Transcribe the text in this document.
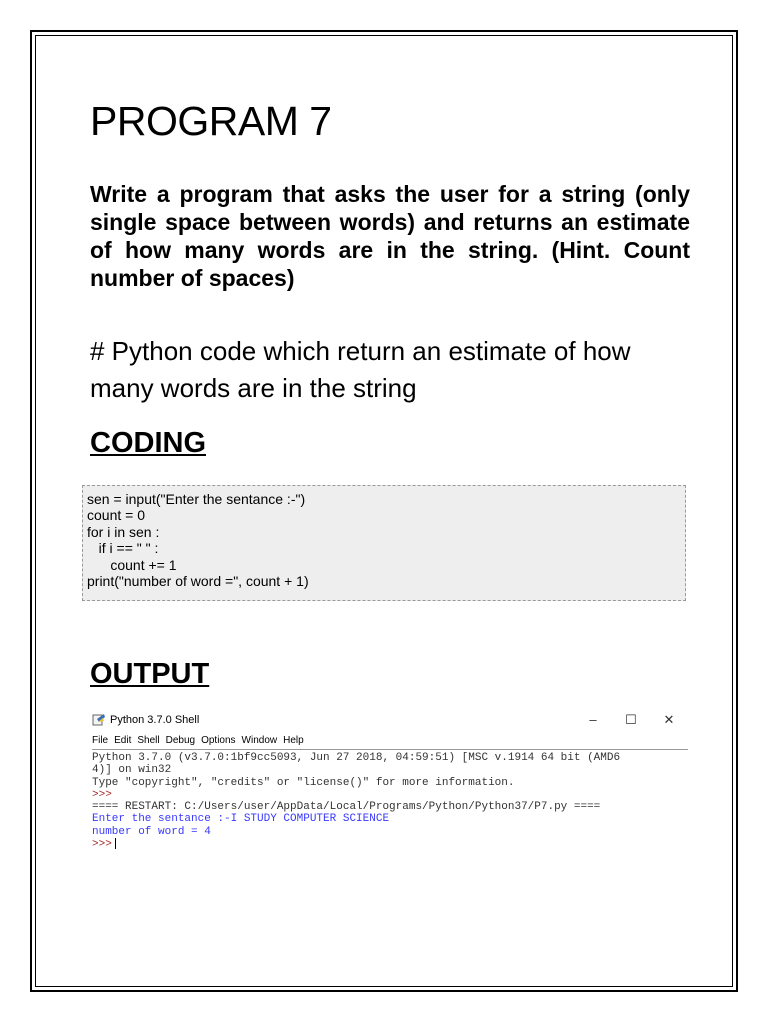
PROGRAM 7

Write a program that asks the user for a string (only single space between words) and returns an estimate of how many words are in the string. (Hint. Count number of spaces)

# Python code which return an estimate of how many words are in the string

CODING
OUTPUT

sen = input("Enter the sentance :-")

count = 0

for i in sen :

if i == " " :

count += 1

print("number of word =", count + 1)

Python 3.7.0 Shell	–	☐	✕
File Edit Shell Debug Options Window Help

Python 3.7.0 (v3.7.0:1bf9cc5093, Jun 27 2018, 04:59:51) [MSC v.1914 64 bit (AMD6

4)] on win32

Type "copyright", "credits" or "license()" for more information.

>>>

==== RESTART: C:/Users/user/AppData/Local/Programs/Python/Python37/P7.py ====

Enter the sentance :-I STUDY COMPUTER SCIENCE

number of word = 4

>>>
